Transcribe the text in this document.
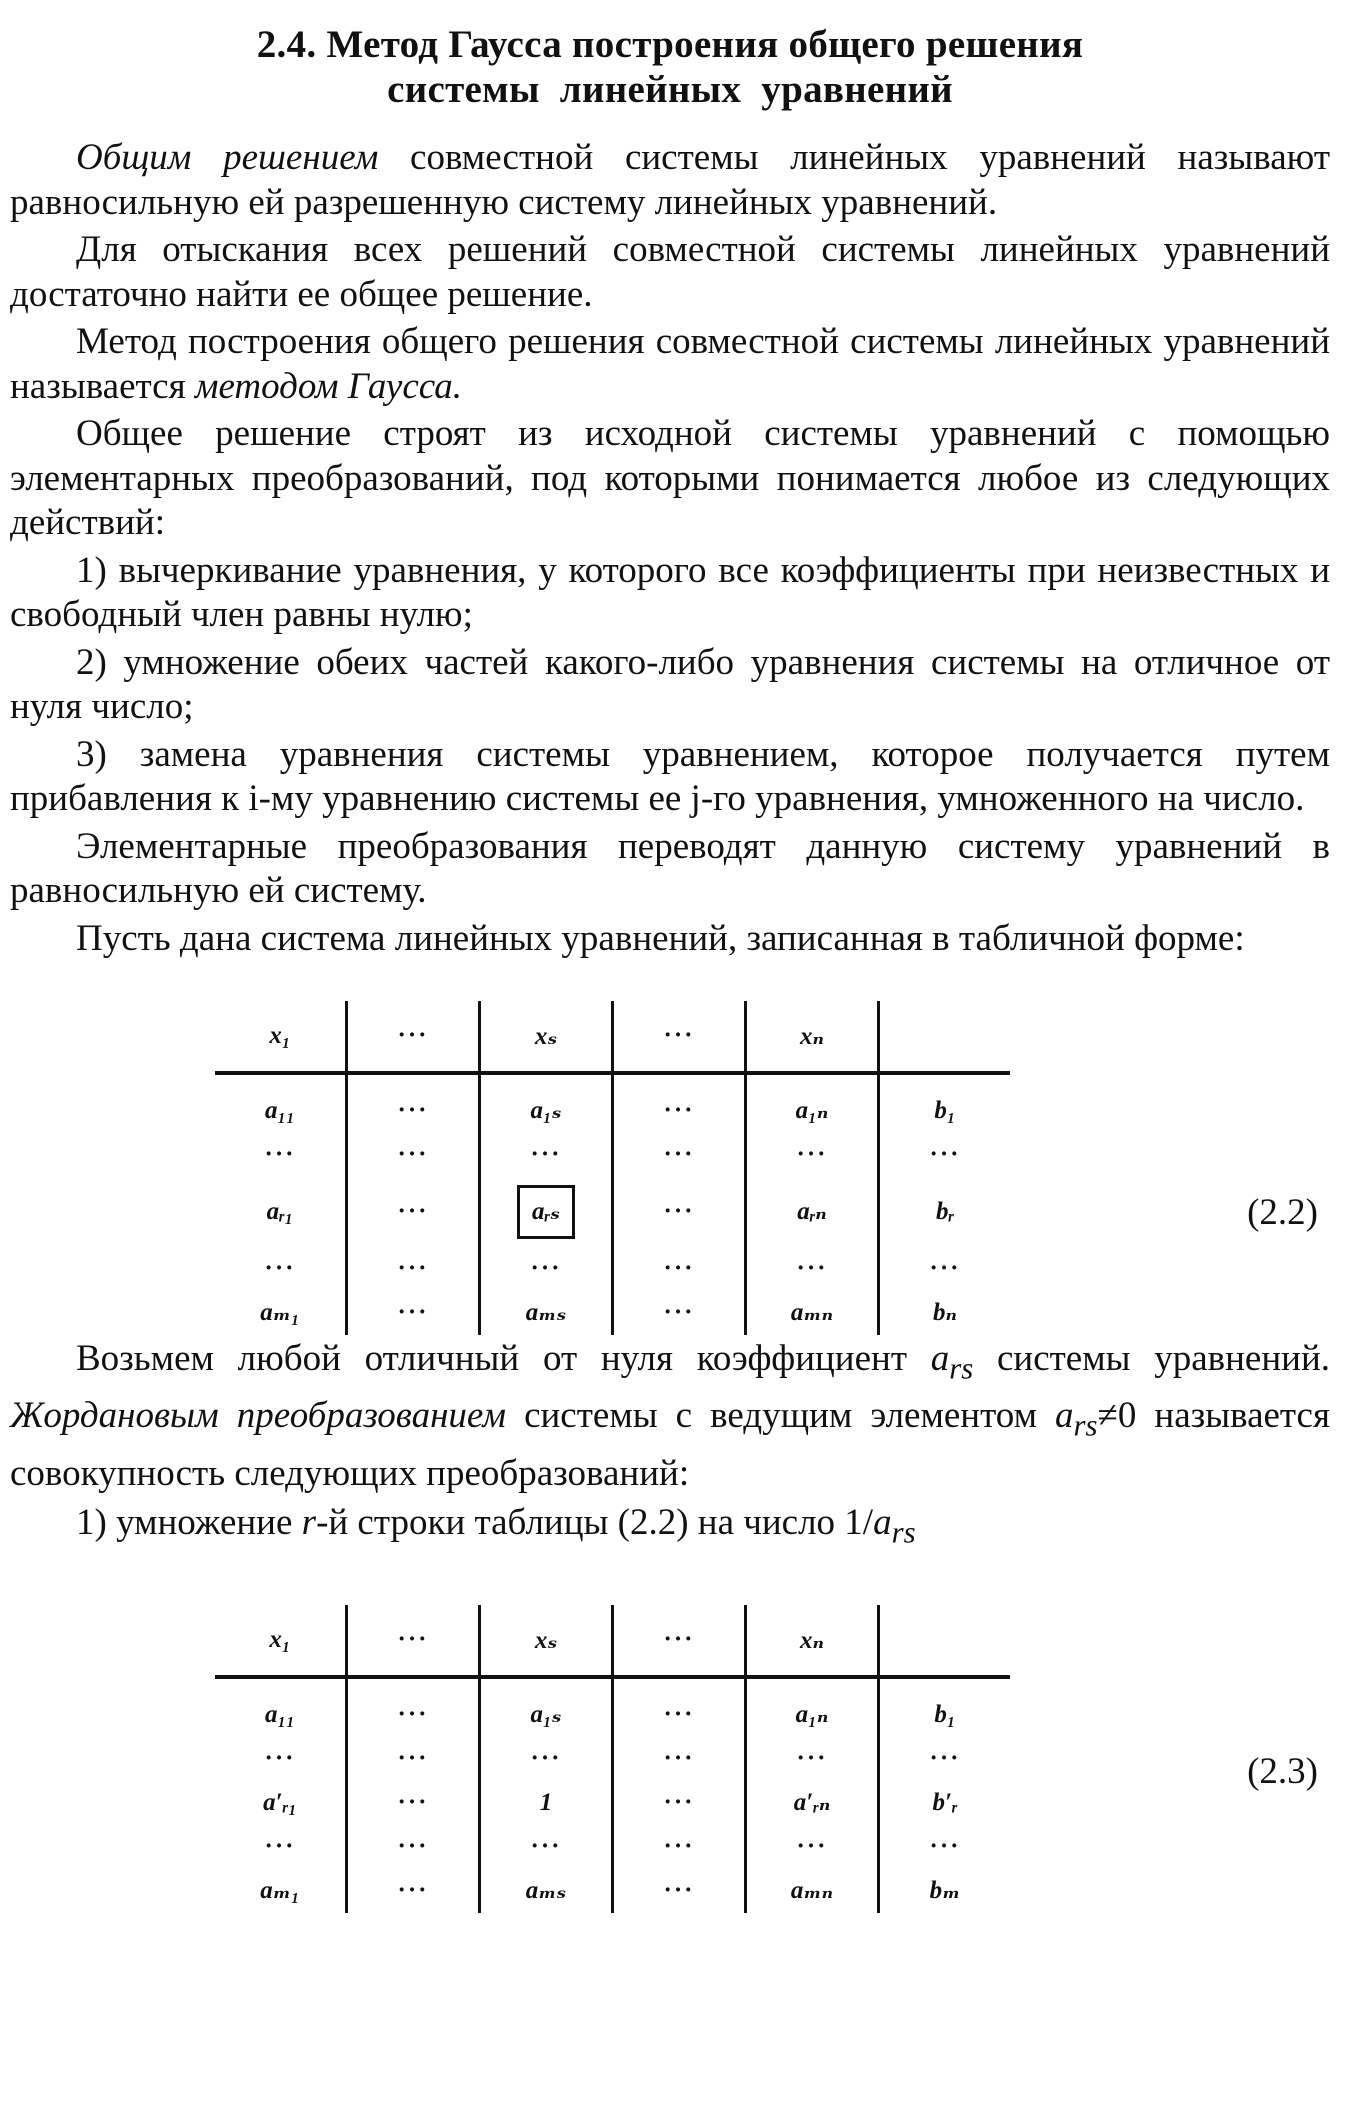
2.4. Метод Гаусса построения общего решения
системы линейных уравнений

Общим решением совместной системы линейных уравнений называют равносильную ей разрешенную систему линейных уравнений.

Для отыскания всех решений совместной системы линейных уравнений достаточно найти ее общее решение.

Метод построения общего решения совместной системы линейных уравнений называется методом Гаусса.

Общее решение строят из исходной системы уравнений с помощью элементарных преобразований, под которыми понимается любое из следующих действий:

1) вычеркивание уравнения, у которого все коэффициенты при неизвестных и свободный член равны нулю;

2) умножение обеих частей какого-либо уравнения системы на отличное от нуля число;

3) замена уравнения системы уравнением, которое получается путем прибавления к i-му уравнению системы ее j-го уравнения, умноженного на число.

Элементарные преобразования переводят данную систему уравнений в равносильную ей систему.

Пусть дана система линейных уравнений, записанная в табличной форме:

x₁	···	xₛ	···	xₙ	
a₁₁	···	a₁ₛ	···	a₁ₙ	b₁
···	···	···	···	···	···
aᵣ₁	···	aᵣₛ	···	aᵣₙ	bᵣ
···	···	···	···	···	···
aₘ₁	···	aₘₛ	···	aₘₙ	bₙ
(2.2)

Возьмем любой отличный от нуля коэффициент $a_{rs}$ системы уравнений. Жордановым преобразованием системы с ведущим элементом $a_{rs}\ne 0$ называется совокупность следующих преобразований:

1) умножение r-й строки таблицы (2.2) на число $1/a_{rs}$

x₁	···	xₛ	···	xₙ	
a₁₁	···	a₁ₛ	···	a₁ₙ	b₁
···	···	···	···	···	···
a′ᵣ₁	···	1	···	a′ᵣₙ	b′ᵣ
···	···	···	···	···	···
aₘ₁	···	aₘₛ	···	aₘₙ	bₘ
(2.3)
